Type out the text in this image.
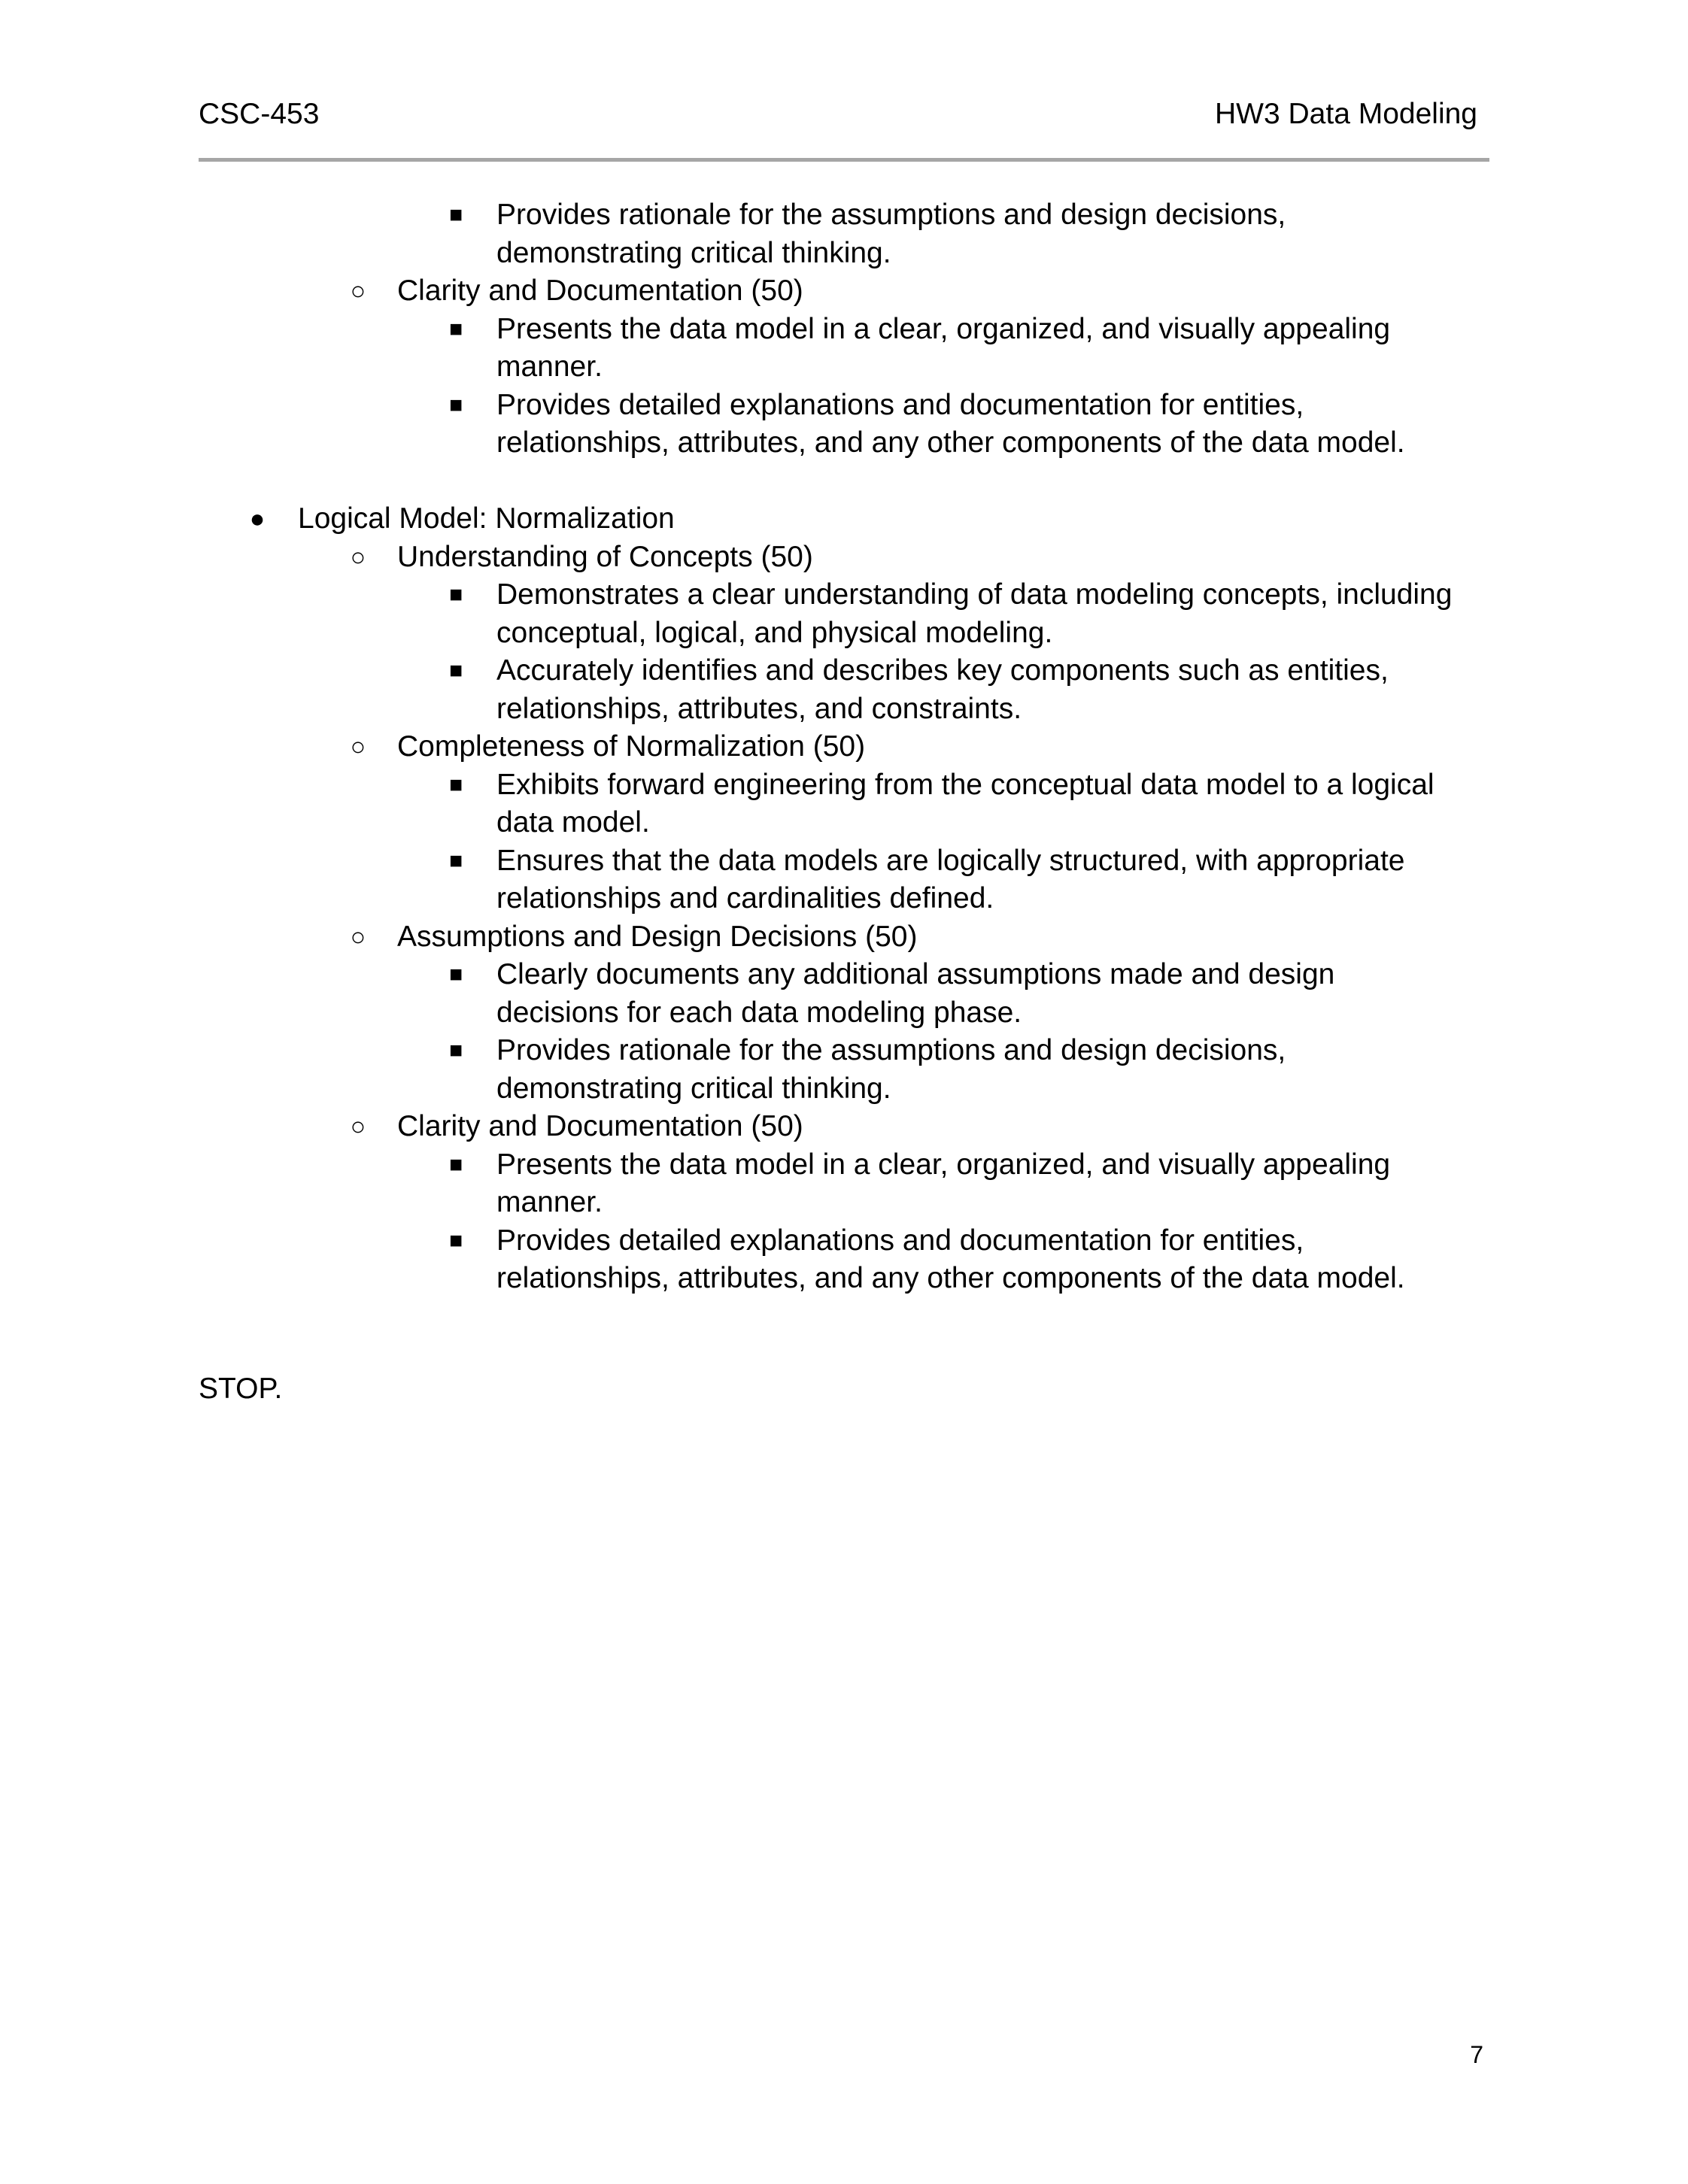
CSC-453	HW3 Data Modeling
■ Provides rationale for the assumptions and design decisions,
demonstrating critical thinking.
○ Clarity and Documentation (50)
■ Presents the data model in a clear, organized, and visually appealing
manner.
■ Provides detailed explanations and documentation for entities,
relationships, attributes, and any other components of the data model.
● Logical Model: Normalization
○ Understanding of Concepts (50)
■ Demonstrates a clear understanding of data modeling concepts, including
conceptual, logical, and physical modeling.
■ Accurately identifies and describes key components such as entities,
relationships, attributes, and constraints.
○ Completeness of Normalization (50)
■ Exhibits forward engineering from the conceptual data model to a logical
data model.
■ Ensures that the data models are logically structured, with appropriate
relationships and cardinalities defined.
○ Assumptions and Design Decisions (50)
■ Clearly documents any additional assumptions made and design
decisions for each data modeling phase.
■ Provides rationale for the assumptions and design decisions,
demonstrating critical thinking.
○ Clarity and Documentation (50)
■ Presents the data model in a clear, organized, and visually appealing
manner.
■ Provides detailed explanations and documentation for entities,
relationships, attributes, and any other components of the data model.
STOP.
7
